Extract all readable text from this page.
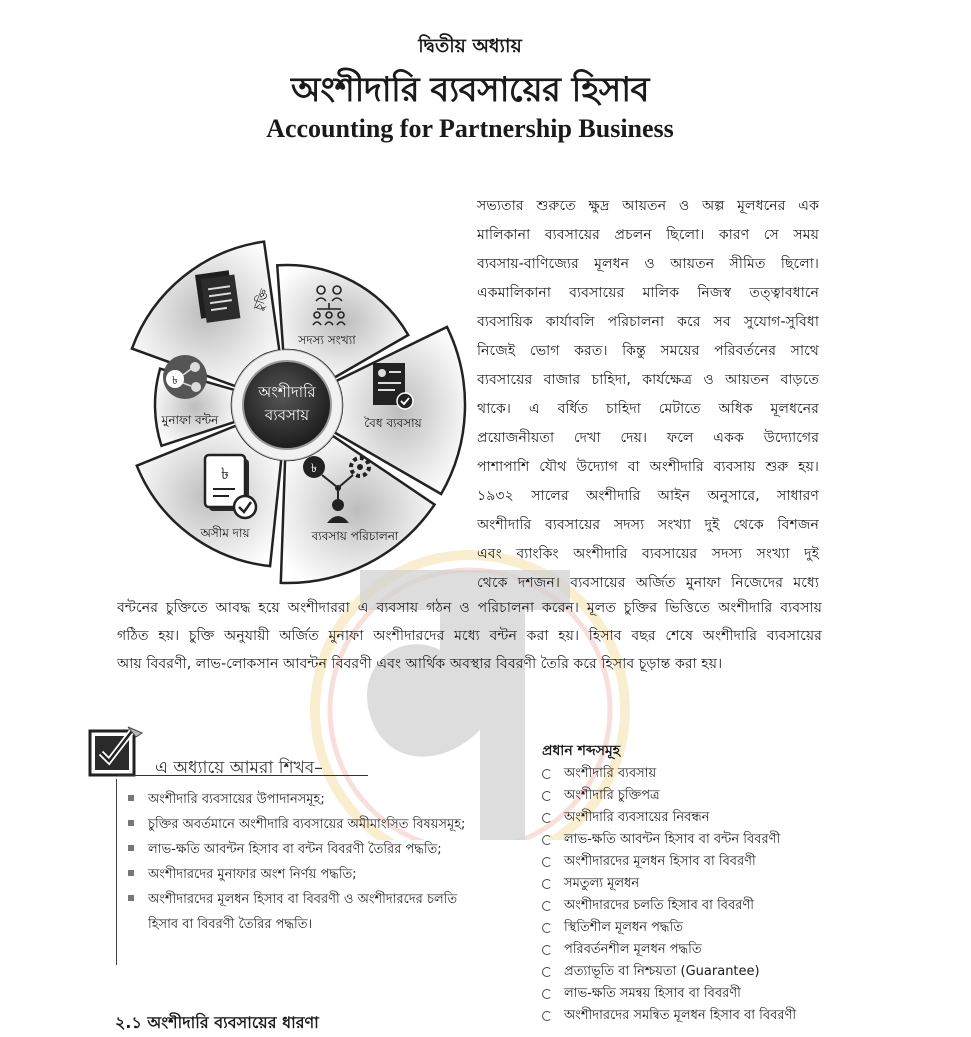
দ্বিতীয় অধ্যায়
অংশীদারি ব্যবসায়ের হিসাব
Accounting for Partnership Business
চুক্তি
সদস্য সংখ্যা
বৈধ ব্যবসায়
ব্যবসায় পরিচালনা
অসীম দায়
মুনাফা বন্টন
অংশীদারি
ব্যবসায়
৳
৳
৳
সভ্যতার শুরুতে ক্ষুদ্র আয়তন ও অল্প মূলধনের এক
মালিকানা ব্যবসায়ের প্রচলন ছিলো। কারণ সে সময়
ব্যবসায়-বাণিজ্যের মূলধন ও আয়তন সীমিত ছিলো।
একমালিকানা ব্যবসায়ের মালিক নিজস্ব তত্ত্বাবধানে
ব্যবসায়িক কার্যাবলি পরিচালনা করে সব সুযোগ-সুবিধা
নিজেই ভোগ করত। কিন্তু সময়ের পরিবর্তনের সাথে
ব্যবসায়ের বাজার চাহিদা, কার্যক্ষেত্র ও আয়তন বাড়তে
থাকে। এ বর্ধিত চাহিদা মেটাতে অধিক মূলধনের
প্রয়োজনীয়তা দেখা দেয়। ফলে একক উদ্যোগের
পাশাপাশি যৌথ উদ্যোগ বা অংশীদারি ব্যবসায় শুরু হয়।
১৯৩২ সালের অংশীদারি আইন অনুসারে, সাধারণ
অংশীদারি ব্যবসায়ের সদস্য সংখ্যা দুই থেকে বিশজন
এবং ব্যাংকিং অংশীদারি ব্যবসায়ের সদস্য সংখ্যা দুই
থেকে দশজন। ব্যবসায়ের অর্জিত মুনাফা নিজেদের মধ্যে
বন্টনের চুক্তিতে আবদ্ধ হয়ে অংশীদাররা এ ব্যবসায় গঠন ও পরিচালনা করেন। মূলত চুক্তির ভিত্তিতে অংশীদারি ব্যবসায়
গঠিত হয়। চুক্তি অনুযায়ী অর্জিত মুনাফা অংশীদারদের মধ্যে বন্টন করা হয়। হিসাব বছর শেষে অংশীদারি ব্যবসায়ের
আয় বিবরণী, লাভ-লোকসান আবন্টন বিবরণী এবং আর্থিক অবস্থার বিবরণী তৈরি করে হিসাব চূড়ান্ত করা হয়।
এ অধ্যায়ে আমরা শিখব–
অংশীদারি ব্যবসায়ের উপাদানসমূহ;
চুক্তির অবর্তমানে অংশীদারি ব্যবসায়ের অমীমাংসিত বিষয়সমূহ;
লাভ-ক্ষতি আবন্টন হিসাব বা বন্টন বিবরণী তৈরির পদ্ধতি;
অংশীদারদের মুনাফার অংশ নির্ণয় পদ্ধতি;
অংশীদারদের মূলধন হিসাব বা বিবরণী ও অংশীদারদের চলতি
হিসাব বা বিবরণী তৈরির পদ্ধতি।
প্রধান শব্দসমূহ
অংশীদারি ব্যবসায়
অংশীদারি চুক্তিপত্র
অংশীদারি ব্যবসায়ের নিবন্ধন
লাভ-ক্ষতি আবন্টন হিসাব বা বন্টন বিবরণী
অংশীদারদের মূলধন হিসাব বা বিবরণী
সমতুল্য মূলধন
অংশীদারদের চলতি হিসাব বা বিবরণী
স্থিতিশীল মূলধন পদ্ধতি
পরিবর্তনশীল মূলধন পদ্ধতি
প্রত্যাভূতি বা নিশ্চয়তা (Guarantee)
লাভ-ক্ষতি সমন্বয় হিসাব বা বিবরণী
অংশীদারদের সমন্বিত মূলধন হিসাব বা বিবরণী
২.১ অংশীদারি ব্যবসায়ের ধারণা
